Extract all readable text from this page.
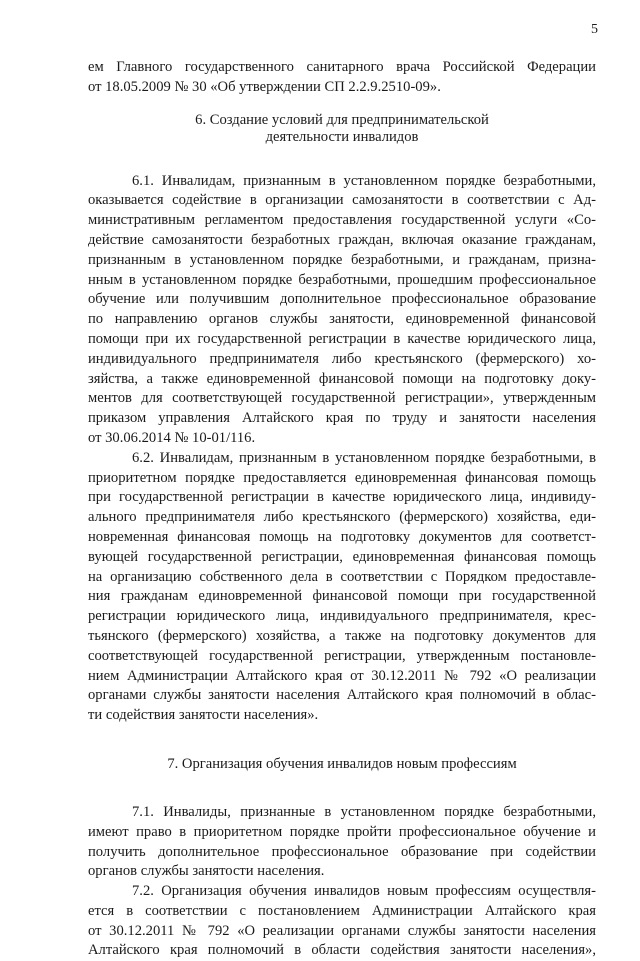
5

ем Главного государственного санитарного врача Российской Федерации

от 18.05.2009 № 30 «Об утверждении СП 2.2.9.2510-09».

6. Создание условий для предпринимательской

деятельности инвалидов

6.1. Инвалидам, признанным в установленном порядке безработными,

оказывается содействие в организации самозанятости в соответствии с Ад-

министративным регламентом предоставления государственной услуги «Со-

действие самозанятости безработных граждан, включая оказание гражданам,

признанным в установленном порядке безработными, и гражданам, призна-

нным в установленном порядке безработными, прошедшим профессиональное

обучение или получившим дополнительное профессиональное образование

по направлению органов службы занятости, единовременной финансовой

помощи при их государственной регистрации в качестве юридического лица,

индивидуального предпринимателя либо крестьянского (фермерского) хо-

зяйства, а также единовременной финансовой помощи на подготовку доку-

ментов для соответствующей государственной регистрации», утвержденным

приказом управления Алтайского края по труду и занятости населения

от 30.06.2014 № 10-01/116.

6.2. Инвалидам, признанным в установленном порядке безработными, в

приоритетном порядке предоставляется единовременная финансовая помощь

при государственной регистрации в качестве юридического лица, индивиду-

ального предпринимателя либо крестьянского (фермерского) хозяйства, еди-

новременная финансовая помощь на подготовку документов для соответст-

вующей государственной регистрации, единовременная финансовая помощь

на организацию собственного дела в соответствии с Порядком предоставле-

ния гражданам единовременной финансовой помощи при государственной

регистрации юридического лица, индивидуального предпринимателя, крес-

тьянского (фермерского) хозяйства, а также на подготовку документов для

соответствующей государственной регистрации, утвержденным постановле-

нием Администрации Алтайского края от 30.12.2011 № 792 «О реализации

органами службы занятости населения Алтайского края полномочий в облас-

ти содействия занятости населения».

7. Организация обучения инвалидов новым профессиям

7.1. Инвалиды, признанные в установленном порядке безработными,

имеют право в приоритетном порядке пройти профессиональное обучение и

получить дополнительное профессиональное образование при содействии

органов службы занятости населения.

7.2. Организация обучения инвалидов новым профессиям осуществля-

ется в соответствии с постановлением Администрации Алтайского края

от 30.12.2011 № 792 «О реализации органами службы занятости населения

Алтайского края полномочий в области содействия занятости населения»,
